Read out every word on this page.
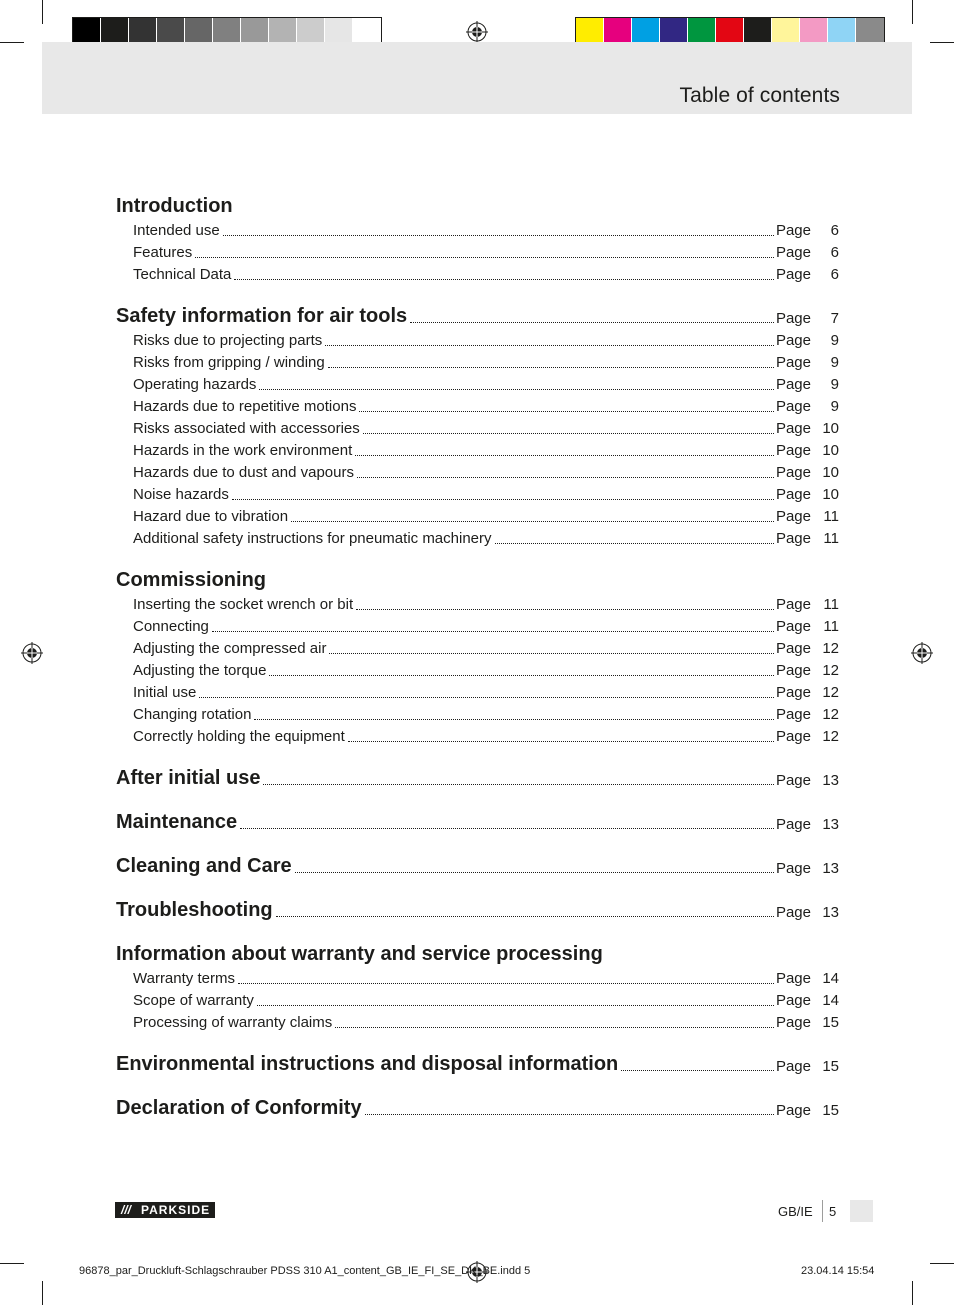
Table of contents
Introduction
Intended use	Page 6
Features	Page 6
Technical Data	Page 6
Safety information for air tools	Page 7
Risks due to projecting parts	Page 9
Risks from gripping / winding	Page 9
Operating hazards	Page 9
Hazards due to repetitive motions	Page 9
Risks associated with accessories	Page 10
Hazards in the work environment	Page 10
Hazards due to dust and vapours	Page 10
Noise hazards	Page 10
Hazard due to vibration	Page 11
Additional safety instructions for pneumatic machinery	Page 11
Commissioning
Inserting the socket wrench or bit	Page 11
Connecting	Page 11
Adjusting the compressed air	Page 12
Adjusting the torque	Page 12
Initial use	Page 12
Changing rotation	Page 12
Correctly holding the equipment	Page 12
After initial use	Page 13
Maintenance	Page 13
Cleaning and Care	Page 13
Troubleshooting	Page 13
Information about warranty and service processing
Warranty terms	Page 14
Scope of warranty	Page 14
Processing of warranty claims	Page 15
Environmental instructions and disposal information	Page 15
Declaration of Conformity	Page 15
/// PARKSIDE	GB/IE 5
96878_par_Druckluft-Schlagschrauber PDSS 310 A1_content_GB_IE_FI_SE_DK_BE.indd 5	23.04.14 15:54
